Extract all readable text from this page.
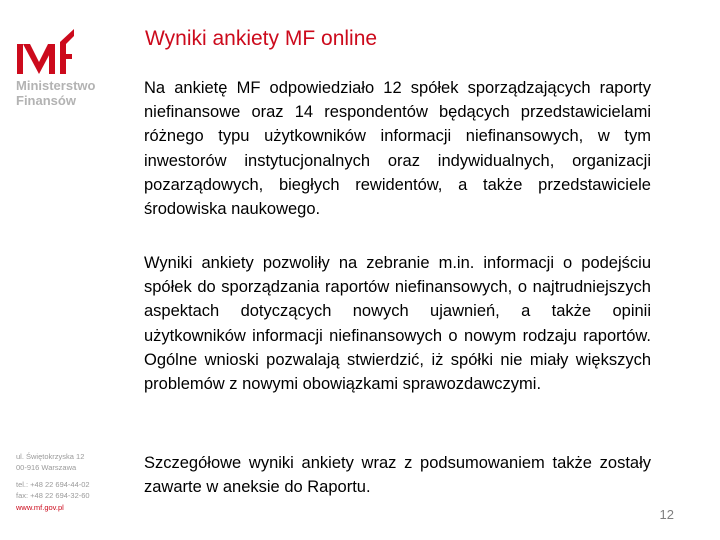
Ministerstwo
Finansów
Wyniki ankiety MF online
Na ankietę MF odpowiedziało 12 spółek sporządzających raporty niefinansowe oraz 14 respondentów będących przedstawicielami różnego typu użytkowników informacji niefinansowych, w tym inwestorów instytucjonalnych oraz indywidualnych, organizacji pozarządowych, biegłych rewidentów, a także przedstawiciele środowiska naukowego.
Wyniki ankiety pozwoliły na zebranie m.in. informacji o podejściu spółek do sporządzania raportów niefinansowych, o najtrudniejszych aspektach dotyczących nowych ujawnień, a także opinii użytkowników informacji niefinansowych o nowym rodzaju raportów. Ogólne wnioski pozwalają stwierdzić, iż spółki nie miały większych problemów z nowymi obowiązkami sprawozdawczymi.
Szczegółowe wyniki ankiety wraz z podsumowaniem także zostały zawarte w aneksie do Raportu.
ul. Świętokrzyska 12
00-916 Warszawa
tel.: +48 22 694-44-02
fax: +48 22 694-32-60
www.mf.gov.pl	12
